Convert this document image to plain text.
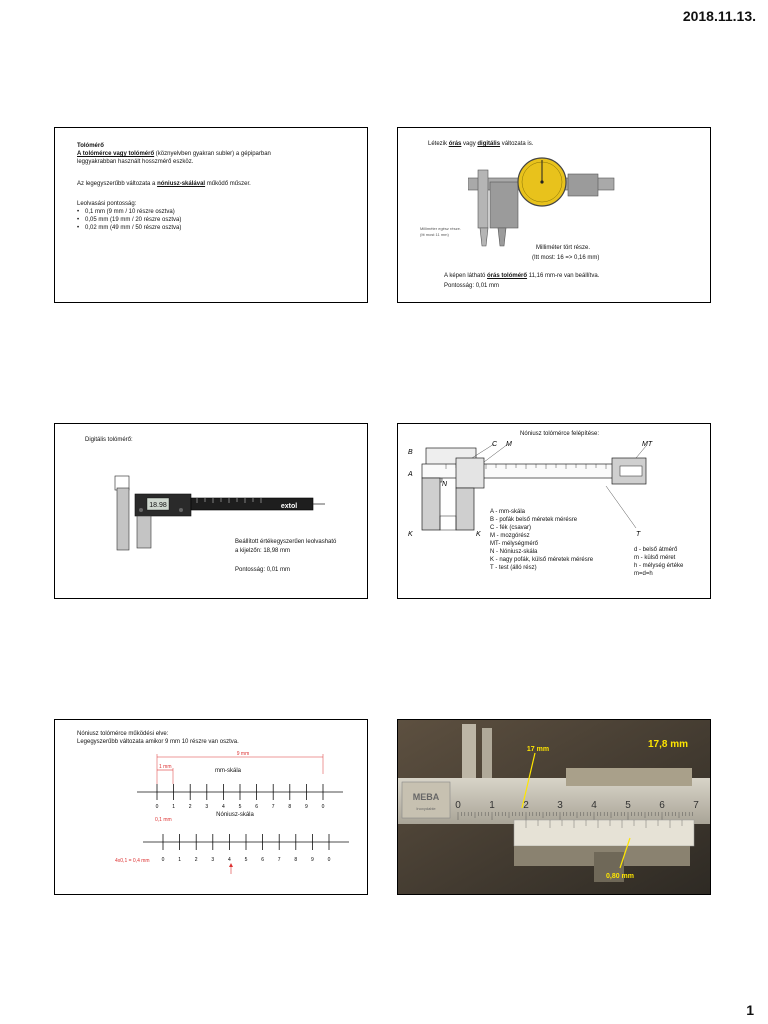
2018.11.13.
Tolómérő
A tolómérce vagy tolómérő (köznyelvben gyakran subler) a gépiparban
leggyakrabban használt hosszmérő eszköz.
Az legegyszerűbb változata a nóniusz-skálával működő műszer.
Leolvasási pontosság:
• 0,1 mm (9 mm / 10 részre osztva)
• 0,05 mm (19 mm / 20 részre osztva)
• 0,02 mm (49 mm / 50 részre osztva)
Létezik órás vagy digitális változata is.
Milliméter egész része.
(Itt most 11 mm)
Milliméter tört része.
(Itt most: 16 => 0,16 mm)
A képen látható órás tolómérő 11,16 mm-re van beállítva.
Pontosság: 0,01 mm
Digitális tolómérő:
18.98	extol
Beállított értékegyszerűen leolvasható
a kijelzőn: 18,98 mm
Pontosság: 0,01 mm
Nóniusz tolómérce felépítése:
B
C M	MT
A
N
K	K	T
A - mm-skála
B - pofák belső méretek mérésre
C - fék (csavar)
M - mozgórész
MT- mélységmérő
N - Nóniusz-skála
K - nagy pofák, külső méretek mérésre
T - test (álló rész)
d - belső átmérő
m - külső méret
h - mélység értéke
m=d=h
Nóniusz tolómérce működési elve:
Legegyszerűbb változata amikor 9 mm 10 részre van osztva.
9 mm
1 mm
mm-skála
0	1	2	3	4	5	6	7	8	9	0
Nóniusz-skála
0,1 mm
0	1	2	3	4	5	6	7	8	9	0
4x0,1 = 0,4 mm
MEBA
Inoxydable 0	1	2	3	4	5	6	7
17 mm	17,8 mm
0,80 mm
1
